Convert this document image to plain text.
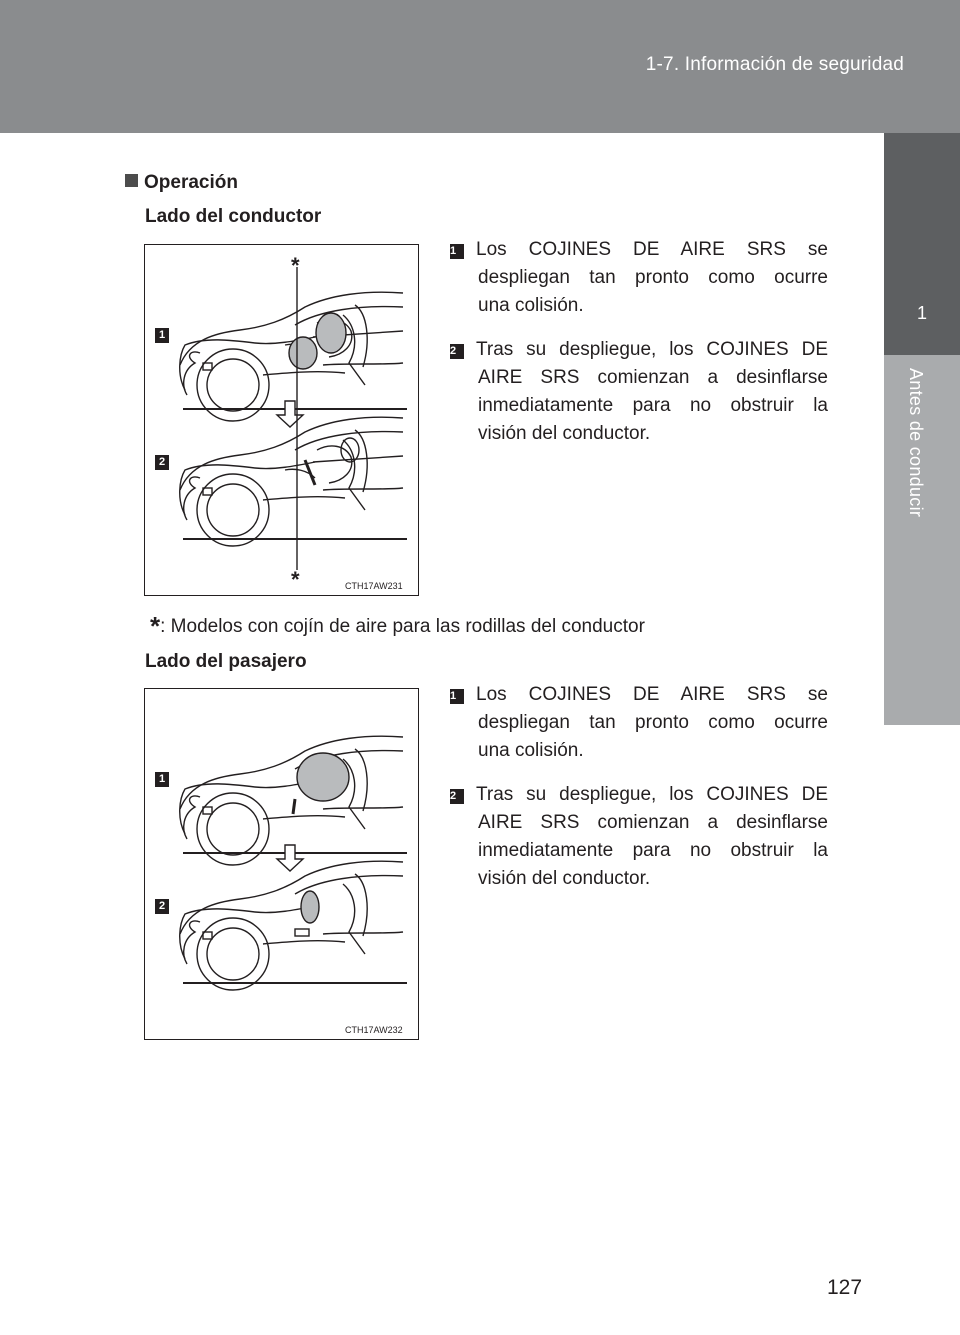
1-7. Información de seguridad
1
Antes de conducir
Operación
Lado del conductor
1
2
*
*	CTH17AW231

1 Los COJINES DE AIRE SRS se

despliegan tan pronto como ocurre

una colisión.

2 Tras su despliegue, los COJINES DE

AIRE SRS comienzan a desinflarse

inmediatamente para no obstruir la

visión del conductor.

*: Modelos con cojín de aire para las rodillas del conductor
Lado del pasajero
1
2
CTH17AW232

1 Los COJINES DE AIRE SRS se

despliegan tan pronto como ocurre

una colisión.

2 Tras su despliegue, los COJINES DE

AIRE SRS comienzan a desinflarse

inmediatamente para no obstruir la

visión del conductor.

127
